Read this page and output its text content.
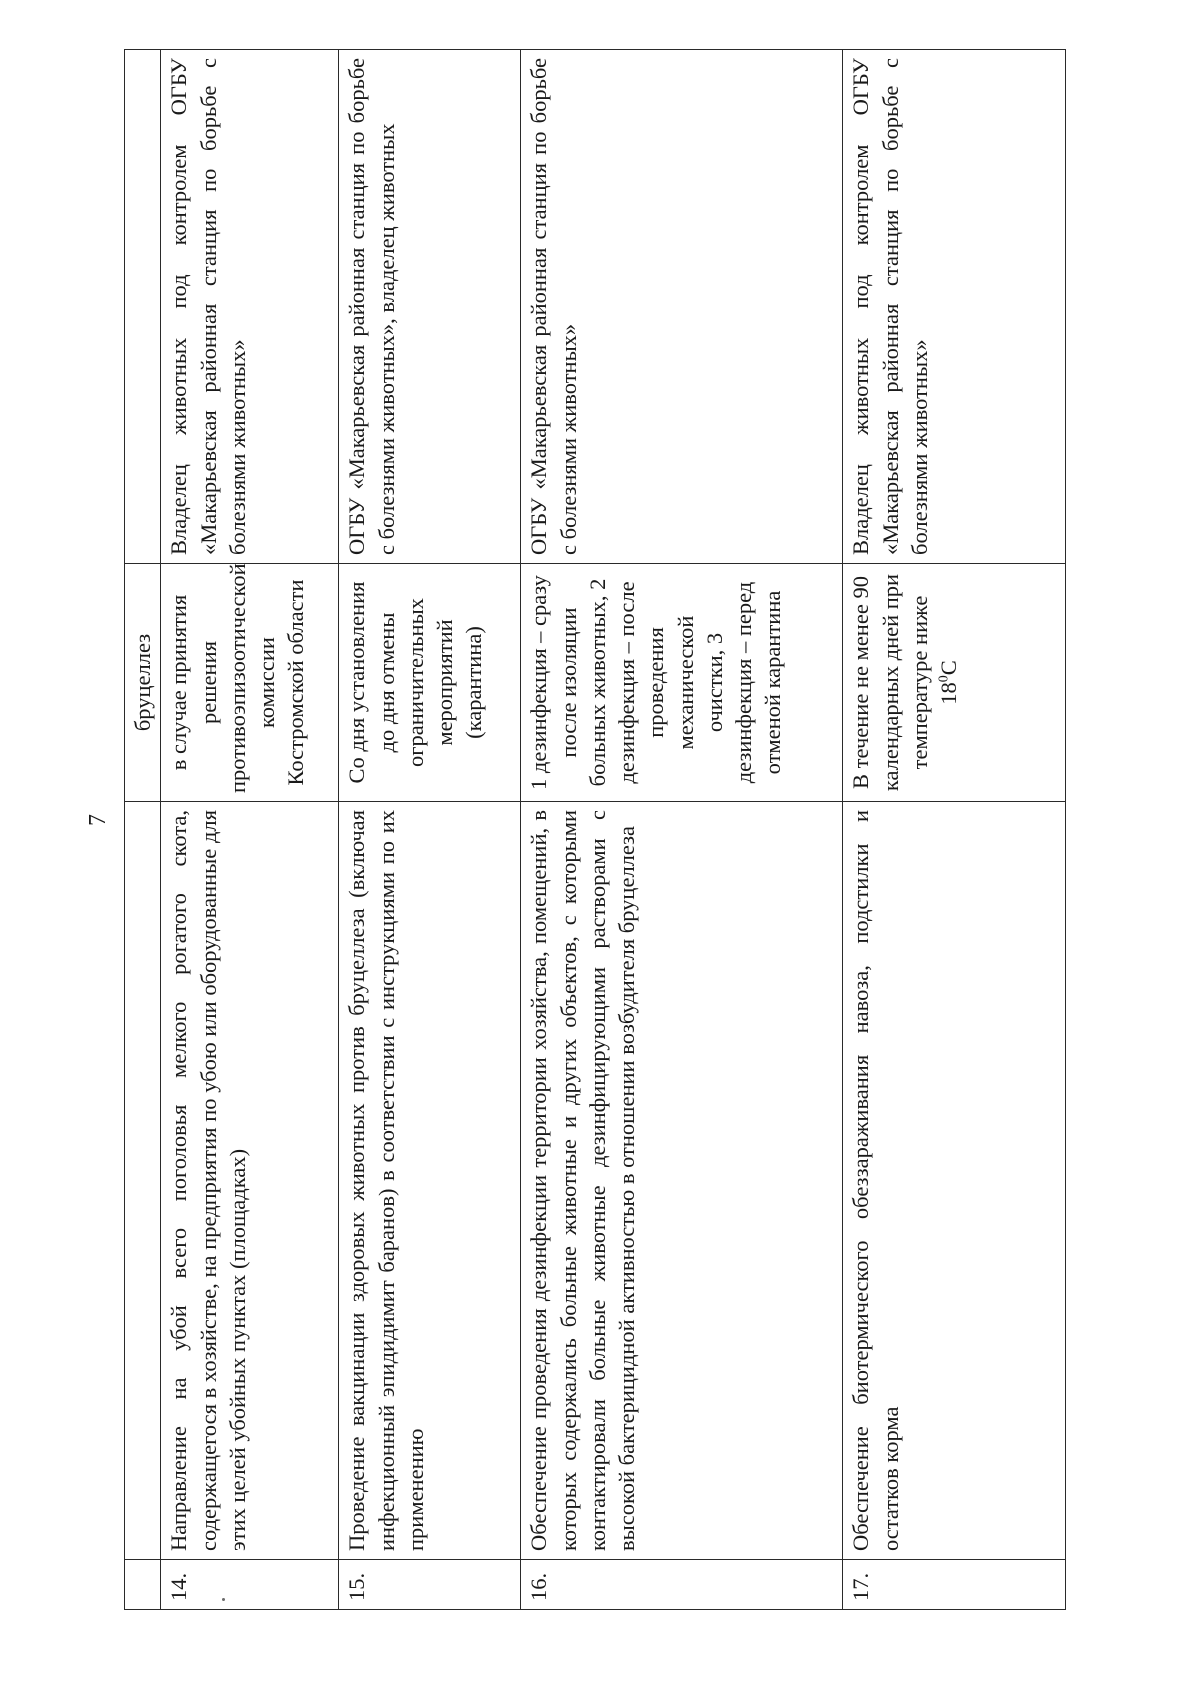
7
		бруцеллез	
14.	Направление на убой всего поголовья мелкого рогатого скота, содержащегося в хозяйстве, на предприятия по убою или оборудованные для этих целей убойных пунктах (площадках)	в случае принятия решения противоэпизоотической комиссии Костромской области	Владелец животных под контролем ОГБУ «Макарьевская районная станция по борьбе с болезнями животных»
15.	Проведение вакцинации здоровых животных против бруцеллеза (включая инфекционный эпидидимит баранов) в соответствии с инструкциями по их применению	Со дня установления до дня отмены ограничительных мероприятий (карантина)	ОГБУ «Макарьевская районная станция по борьбе с болезнями животных», владелец животных
16.	Обеспечение проведения дезинфекции территории хозяйства, помещений, в которых содержались больные животные и других объектов, с которыми контактировали больные животные дезинфицирующими растворами с высокой бактерицидной активностью в отношении возбудителя бруцеллеза	1 дезинфекция – сразу после изоляции больных животных, 2 дезинфекция – после проведения механической очистки, 3 дезинфекция – перед отменой карантина	ОГБУ «Макарьевская районная станция по борьбе с болезнями животных»
17.	Обеспечение биотермического обеззараживания навоза, подстилки и остатков корма	В течение не менее 90 календарных дней при температуре ниже $18^0С$	Владелец животных под контролем ОГБУ «Макарьевская районная станция по борьбе с болезнями животных»
